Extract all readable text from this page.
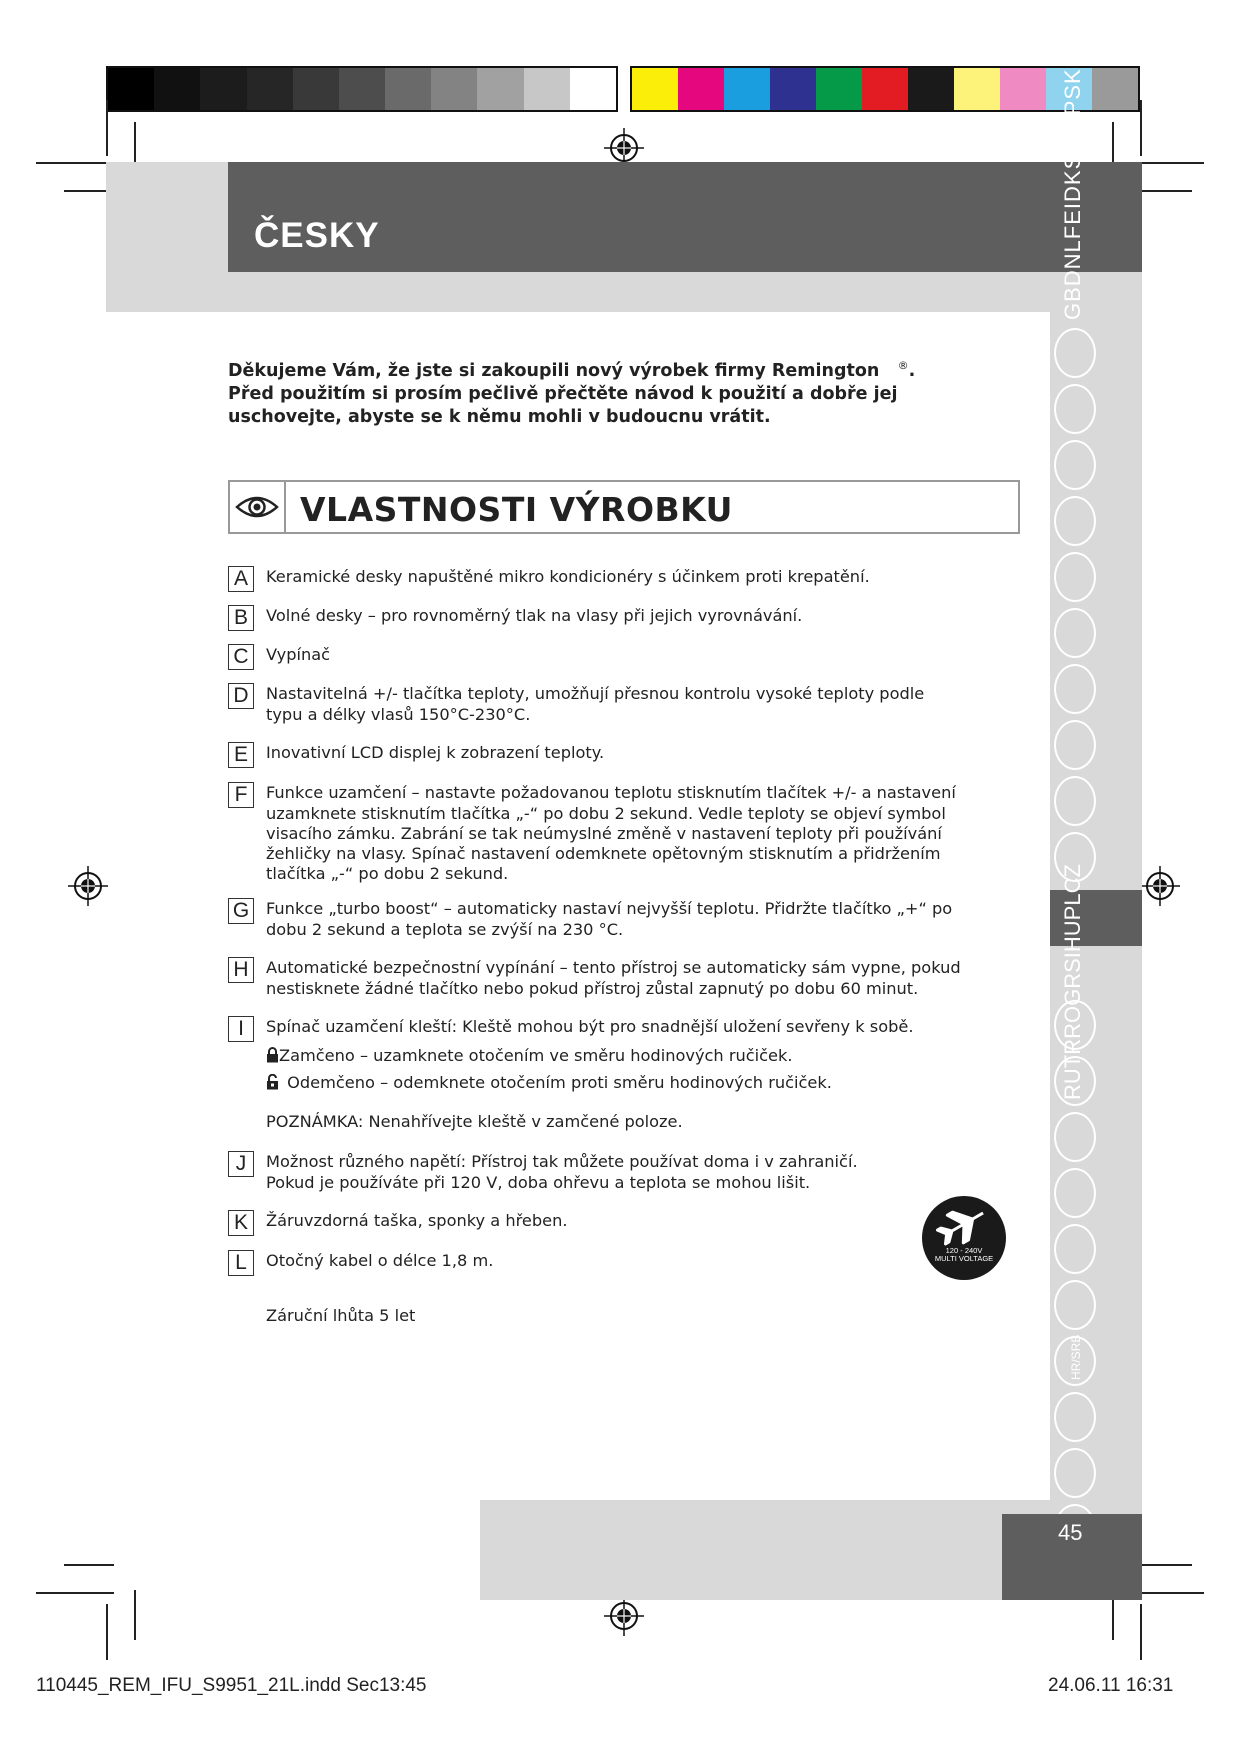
ČESKY	GBDNLFEIDKSFINPSK
RUTRROGRSIHUPLCZ
HR/SRB
45
Děkujeme Vám, že jste si zakoupili nový výrobek firmy Remington ®. Před použitím si prosím pečlivě přečtěte návod k použití a dobře jej uschovejte, abyste se k němu mohli v budoucnu vrátit.
VLASTNOSTI VÝROBKU
A Keramické desky napuštěné mikro kondicionéry s účinkem proti krepatění.
B Volné desky – pro rovnoměrný tlak na vlasy při jejich vyrovnávání.
C Vypínač
D Nastavitelná +/- tlačítka teploty, umožňují přesnou kontrolu vysoké teploty podle
typu a délky vlasů 150°C-230°C.
E Inovativní LCD displej k zobrazení teploty.
F Funkce uzamčení – nastavte požadovanou teplotu stisknutím tlačítek +/- a nastavení
uzamknete stisknutím tlačítka „-“ po dobu 2 sekund. Vedle teploty se objeví symbol visacího zámku. Zabrání se tak neúmyslné změně v nastavení teploty při používání žehličky na vlasy. Spínač nastavení odemknete opětovným stisknutím a přidržením tlačítka „-“ po dobu 2 sekund.
G Funkce „turbo boost“ – automaticky nastaví nejvyšší teplotu. Přidržte tlačítko „+“ po
dobu 2 sekund a teplota se zvýší na 230 °C.
H Automatické bezpečnostní vypínání – tento přístroj se automaticky sám vypne, pokud
nestisknete žádné tlačítko nebo pokud přístroj zůstal zapnutý po dobu 60 minut.
I Spínač uzamčení kleští: Kleště mohou být pro snadnější uložení sevřeny k sobě.
Zamčeno – uzamknete otočením ve směru hodinových ručiček.
Odemčeno – odemknete otočením proti směru hodinových ručiček.
POZNÁMKA: Nenahřívejte kleště v zamčené poloze.
J Možnost různého napětí: Přístroj tak můžete používat doma i v zahraničí.
Pokud je používáte při 120 V, doba ohřevu a teplota se mohou lišit.
K Žáruvzdorná taška, sponky a hřeben.
L Otočný kabel o délce 1,8 m.
120 - 240V
MULTI VOLTAGE
Záruční lhůta 5 let
110445_REM_IFU_S9951_21L.indd Sec13:45	24.06.11 16:31
